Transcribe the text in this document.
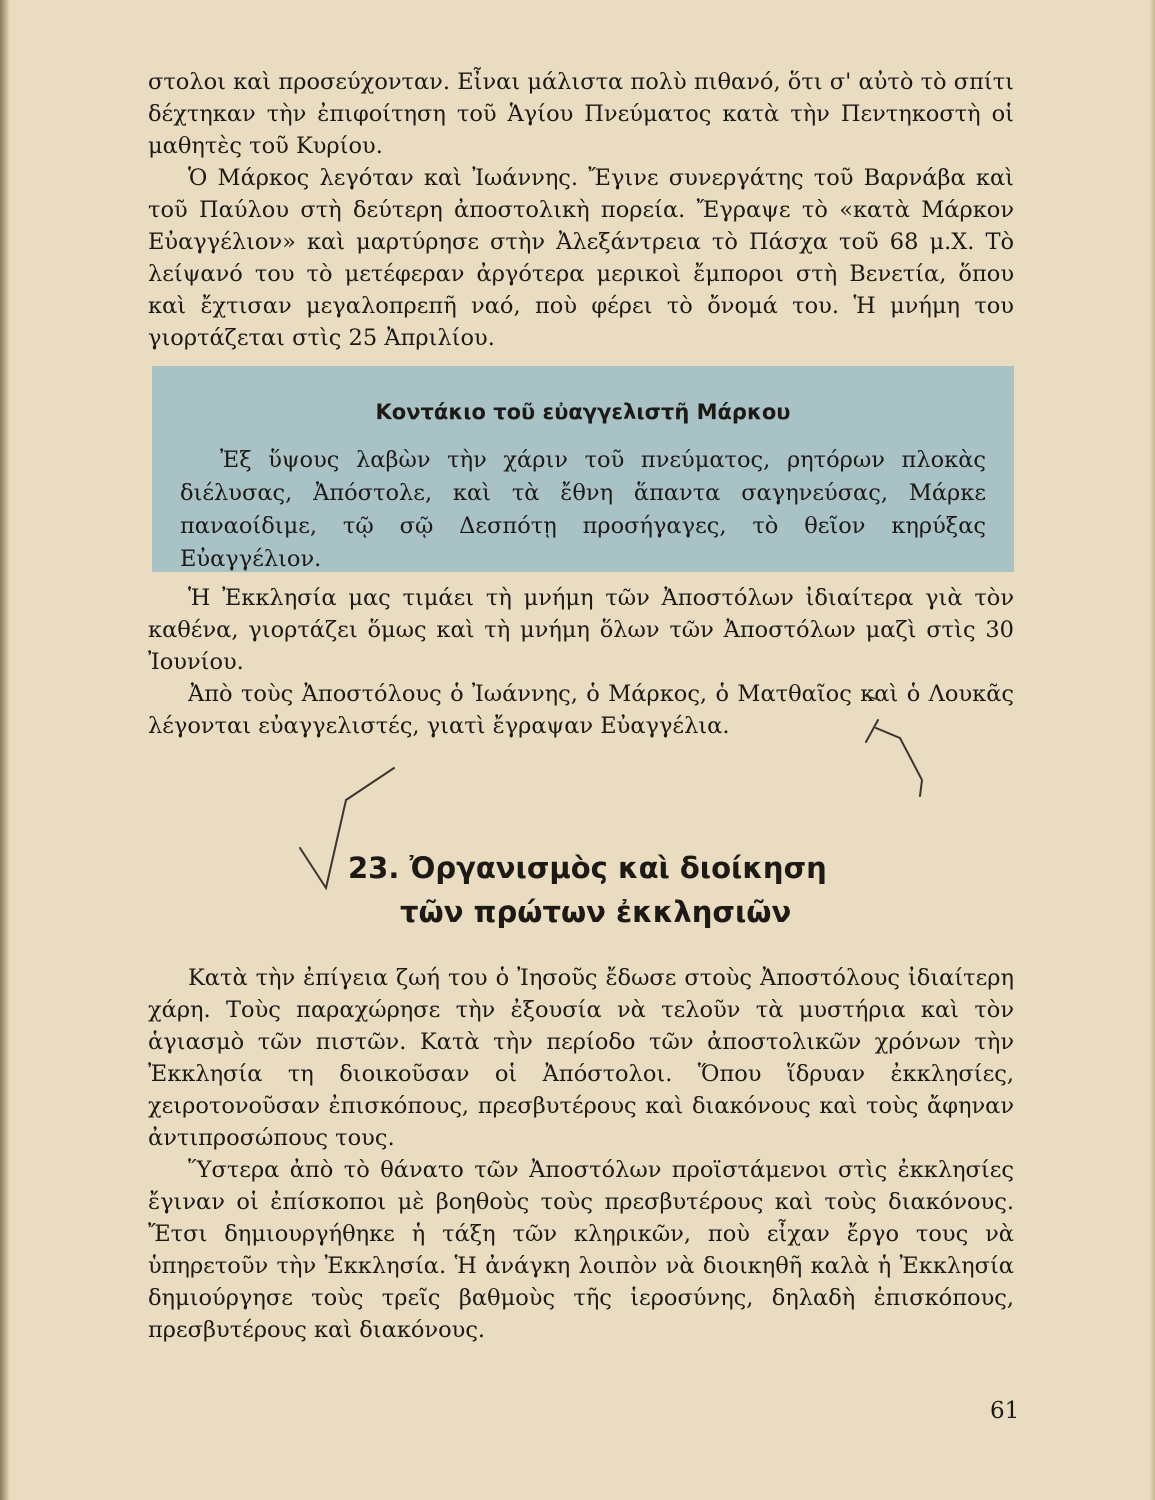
στολοι καὶ προσεύχονταν. Εἶναι μάλιστα πολὺ πιθανό, ὅτι σ' αὐτὸ τὸ σπίτι δέχτηκαν τὴν ἐπιφοίτηση τοῦ Ἁγίου Πνεύματος κατὰ τὴν Πεντηκοστὴ οἱ μαθητὲς τοῦ Κυρίου.

Ὁ Μάρκος λεγόταν καὶ Ἰωάννης. Ἔγινε συνεργάτης τοῦ Βαρνάβα καὶ τοῦ Παύλου στὴ δεύτερη ἀποστολικὴ πορεία. Ἔγραψε τὸ «κατὰ Μάρκον Εὐαγγέλιον» καὶ μαρτύρησε στὴν Ἀλεξάντρεια τὸ Πάσχα τοῦ 68 μ.Χ. Τὸ λείψανό του τὸ μετέφεραν ἀργότερα μερικοὶ ἔμποροι στὴ Βενετία, ὅπου καὶ ἔχτισαν μεγαλοπρεπῆ ναό, ποὺ φέρει τὸ ὄνομά του. Ἡ μνήμη του γιορτάζεται στὶς 25 Ἀπριλίου.

Κοντάκιο τοῦ εὐαγγελιστῆ Μάρκου

Ἐξ ὕψους λαβὼν τὴν χάριν τοῦ πνεύματος, ρητόρων πλοκὰς διέλυσας, Ἀπόστολε, καὶ τὰ ἔθνη ἅπαντα σαγηνεύσας, Μάρκε παναοίδιμε, τῷ σῷ Δεσπότῃ προσήγαγες, τὸ θεῖον κηρύξας Εὐαγγέλιον.

Ἡ Ἐκκλησία μας τιμάει τὴ μνήμη τῶν Ἀποστόλων ἰδιαίτερα γιὰ τὸν καθένα, γιορτάζει ὅμως καὶ τὴ μνήμη ὅλων τῶν Ἀποστόλων μαζὶ στὶς 30 Ἰουνίου.

Ἀπὸ τοὺς Ἀποστόλους ὁ Ἰωάννης, ὁ Μάρκος, ὁ Ματθαῖος καὶ ὁ Λουκᾶς λέγονται εὐαγγελιστές, γιατὶ ἔγραψαν Εὐαγγέλια.

23. Ὀργανισμὸς καὶ διοίκηση
τῶν πρώτων ἐκκλησιῶν

Κατὰ τὴν ἐπίγεια ζωή του ὁ Ἰησοῦς ἔδωσε στοὺς Ἀποστόλους ἰδιαίτερη χάρη. Τοὺς παραχώρησε τὴν ἐξουσία νὰ τελοῦν τὰ μυστήρια καὶ τὸν ἁγιασμὸ τῶν πιστῶν. Κατὰ τὴν περίοδο τῶν ἀποστολικῶν χρόνων τὴν Ἐκκλησία τη διοικοῦσαν οἱ Ἀπόστολοι. Ὅπου ἵδρυαν ἐκκλησίες, χειροτονοῦσαν ἐπισκόπους, πρεσβυτέρους καὶ διακόνους καὶ τοὺς ἄφηναν ἀντιπροσώπους τους.

Ὕστερα ἀπὸ τὸ θάνατο τῶν Ἀποστόλων προϊστάμενοι στὶς ἐκκλησίες ἔγιναν οἱ ἐπίσκοποι μὲ βοηθοὺς τοὺς πρεσβυτέρους καὶ τοὺς διακόνους. Ἔτσι δημιουργήθηκε ἡ τάξη τῶν κληρικῶν, ποὺ εἶχαν ἔργο τους νὰ ὑπηρετοῦν τὴν Ἐκκλησία. Ἡ ἀνάγκη λοιπὸν νὰ διοικηθῆ καλὰ ἡ Ἐκκλησία δημιούργησε τοὺς τρεῖς βαθμοὺς τῆς ἱεροσύνης, δηλαδὴ ἐπισκόπους, πρεσβυτέρους καὶ διακόνους.

61
